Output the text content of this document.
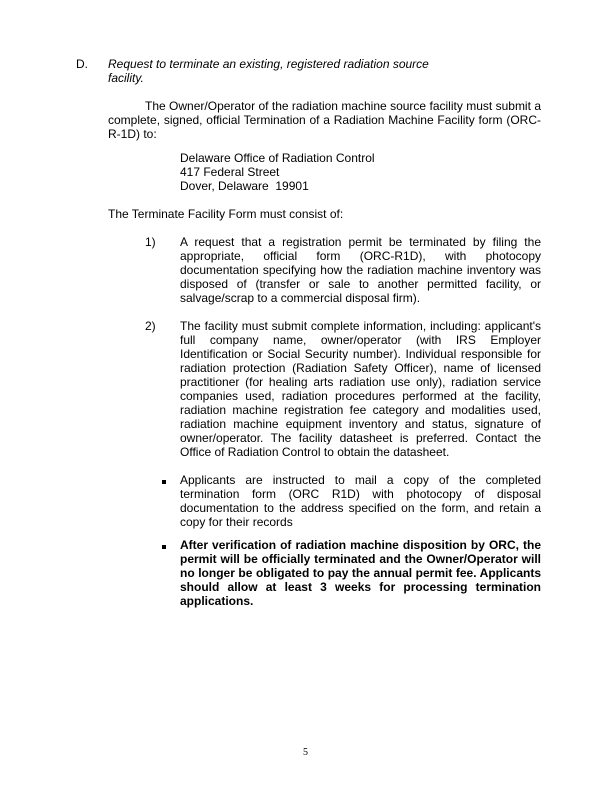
D. Request to terminate an existing, registered radiation source
facility.
The Owner/Operator of the radiation machine source facility must submit a complete, signed, official Termination of a Radiation Machine Facility form (ORC-R-1D) to:
Delaware Office of Radiation Control
417 Federal Street
Dover, Delaware  19901
The Terminate Facility Form must consist of:
1) A request that a registration permit be terminated by filing the appropriate, official form (ORC-R1D), with photocopy documentation specifying how the radiation machine inventory was disposed of (transfer or sale to another permitted facility, or salvage/scrap to a commercial disposal firm).
2) The facility must submit complete information, including: applicant's full company name, owner/operator (with IRS Employer Identification or Social Security number). Individual responsible for radiation protection (Radiation Safety Officer), name of licensed practitioner (for healing arts radiation use only), radiation service companies used, radiation procedures performed at the facility, radiation machine registration fee category and modalities used, radiation machine equipment inventory and status, signature of owner/operator. The facility datasheet is preferred. Contact the Office of Radiation Control to obtain the datasheet.
Applicants are instructed to mail a copy of the completed termination form (ORC R1D) with photocopy of disposal documentation to the address specified on the form, and retain a copy for their records
After verification of radiation machine disposition by ORC, the permit will be officially terminated and the Owner/Operator will no longer be obligated to pay the annual permit fee. Applicants should allow at least 3 weeks for processing termination applications.
5
